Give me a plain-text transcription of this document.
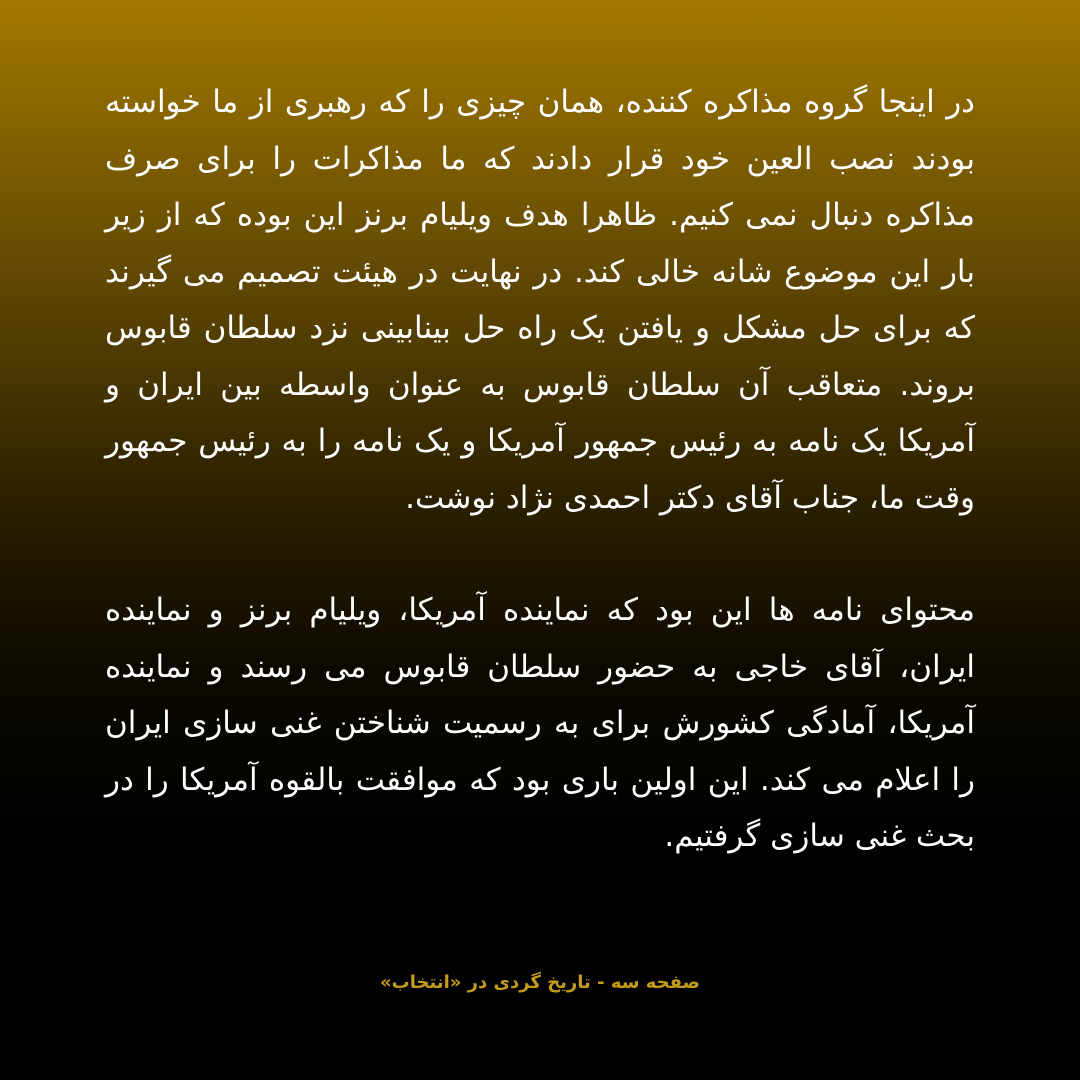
در اینجا گروه مذاکره کننده، همان چیزی را که رهبری از ما خواسته بودند نصب العین خود قرار دادند که ما مذاکرات را برای صرف مذاکره دنبال نمی کنیم. ظاهرا هدف ویلیام برنز این بوده که از زیر بار این موضوع شانه خالی کند. در نهایت در هیئت تصمیم می گیرند که برای حل مشکل و یافتن یک راه حل بینابینی نزد سلطان قابوس بروند. متعاقب آن سلطان قابوس به عنوان واسطه بین ایران و آمریکا یک نامه به رئیس جمهور آمریکا و یک نامه را به رئیس جمهور وقت ما، جناب آقای دکتر احمدی نژاد نوشت.

محتوای نامه ها این بود که نماینده آمریکا، ویلیام برنز و نماینده ایران، آقای خاجی به حضور سلطان قابوس می رسند و نماینده آمریکا، آمادگی کشورش برای به رسمیت شناختن غنی سازی ایران را اعلام می کند. این اولین باری بود که موافقت بالقوه آمریکا را در بحث غنی سازی گرفتیم.

صفحه سه - تاریخ گردی در «انتخاب»
